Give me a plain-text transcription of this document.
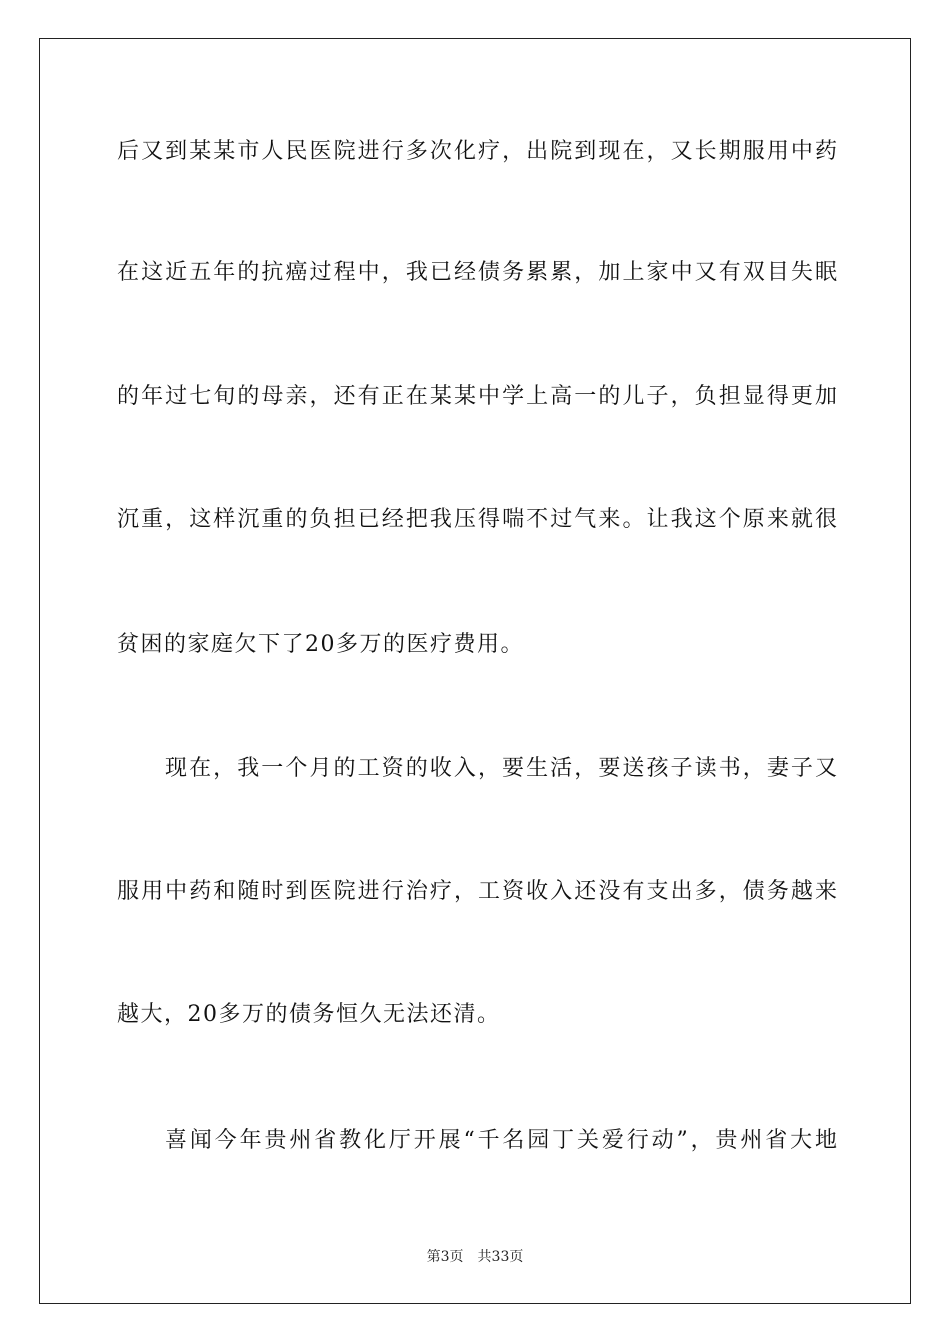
后又到某某市人民医院进行多次化疗，出院到现在，又长期服用中药
在这近五年的抗癌过程中，我已经债务累累，加上家中又有双目失眠
的年过七旬的母亲，还有正在某某中学上高一的儿子，负担显得更加
沉重，这样沉重的负担已经把我压得喘不过气来。让我这个原来就很
贫困的家庭欠下了20多万的医疗费用。
现在，我一个月的工资的收入，要生活，要送孩子读书，妻子又
服用中药和随时到医院进行治疗，工资收入还没有支出多，债务越来
越大，20多万的债务恒久无法还清。
喜闻今年贵州省教化厅开展“千名园丁关爱行动”，贵州省大地
第3页 共33页
